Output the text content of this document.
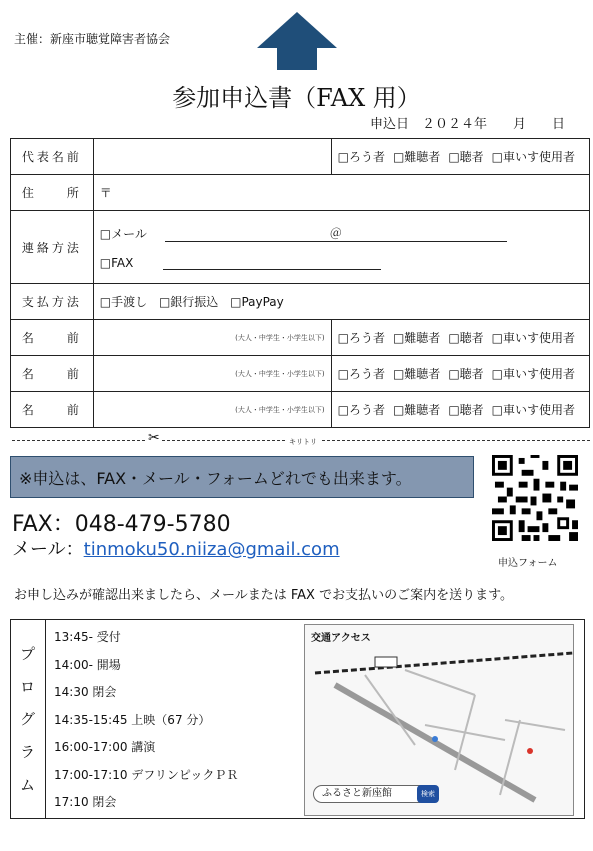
主催：新座市聴覚障害者協会
参加申込書（FAX 用）
申込日　２０２４年　　月　　日
代表名前		□ろう者 □難聴者 □聴者 □車いす使用者
住　　所	〒	
連絡方法	□メール ＠
□FAX	

支払方法	□手渡し □銀行振込 □PayPay	
名　　前	(大人・中学生・小学生以下)	□ろう者 □難聴者 □聴者 □車いす使用者
名　　前	(大人・中学生・小学生以下)	□ろう者 □難聴者 □聴者 □車いす使用者
名　　前	(大人・中学生・小学生以下)	□ろう者 □難聴者 □聴者 □車いす使用者
✂	キリトリ
※申込は、FAX・メール・フォームどれでも出来ます。
申込フォーム
FAX：048-479-5780
メール：tinmoku50.niiza@gmail.com
お申し込みが確認出来ましたら、メールまたは FAX でお支払いのご案内を送ります。
プ
ロ
グ
ラ
ム
13:45- 受付
14:00- 開場
14:30 閉会
14:35-15:45 上映（67 分）
16:00-17:00 講演
17:00-17:10 デフリンピックＰＲ
17:10 閉会
交通アクセス
ふるさと新座館	検索
